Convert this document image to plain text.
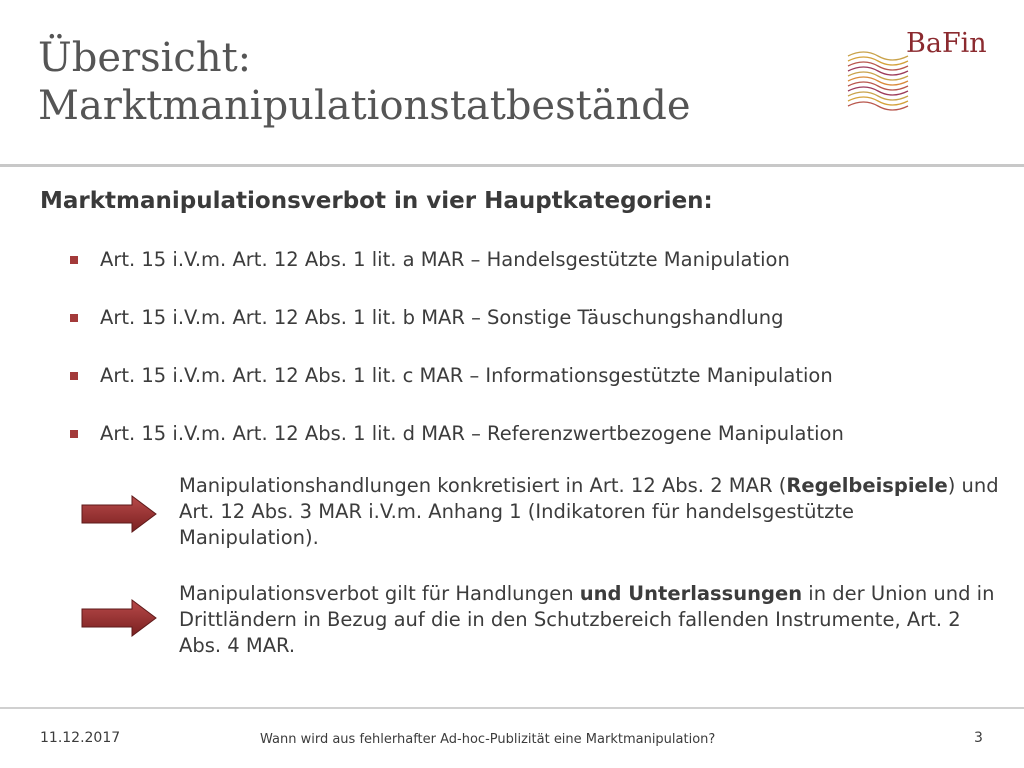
Übersicht:
Marktmanipulationstatbestände
BaFin
Marktmanipulationsverbot in vier Hauptkategorien:
Art. 15 i.V.m. Art. 12 Abs. 1 lit. a MAR – Handelsgestützte Manipulation
Art. 15 i.V.m. Art. 12 Abs. 1 lit. b MAR – Sonstige Täuschungshandlung
Art. 15 i.V.m. Art. 12 Abs. 1 lit. c MAR – Informationsgestützte Manipulation
Art. 15 i.V.m. Art. 12 Abs. 1 lit. d MAR – Referenzwertbezogene Manipulation

Manipulationshandlungen konkretisiert in Art. 12 Abs. 2 MAR (Regelbeispiele) und Art. 12 Abs. 3 MAR i.V.m. Anhang 1 (Indikatoren für handelsgestützte Manipulation).

Manipulationsverbot gilt für Handlungen und Unterlassungen in der Union und in Drittländern in Bezug auf die in den Schutzbereich fallenden Instrumente, Art. 2 Abs. 4 MAR.

11.12.2017	Wann wird aus fehlerhafter Ad-hoc-Publizität eine Marktmanipulation?	3
